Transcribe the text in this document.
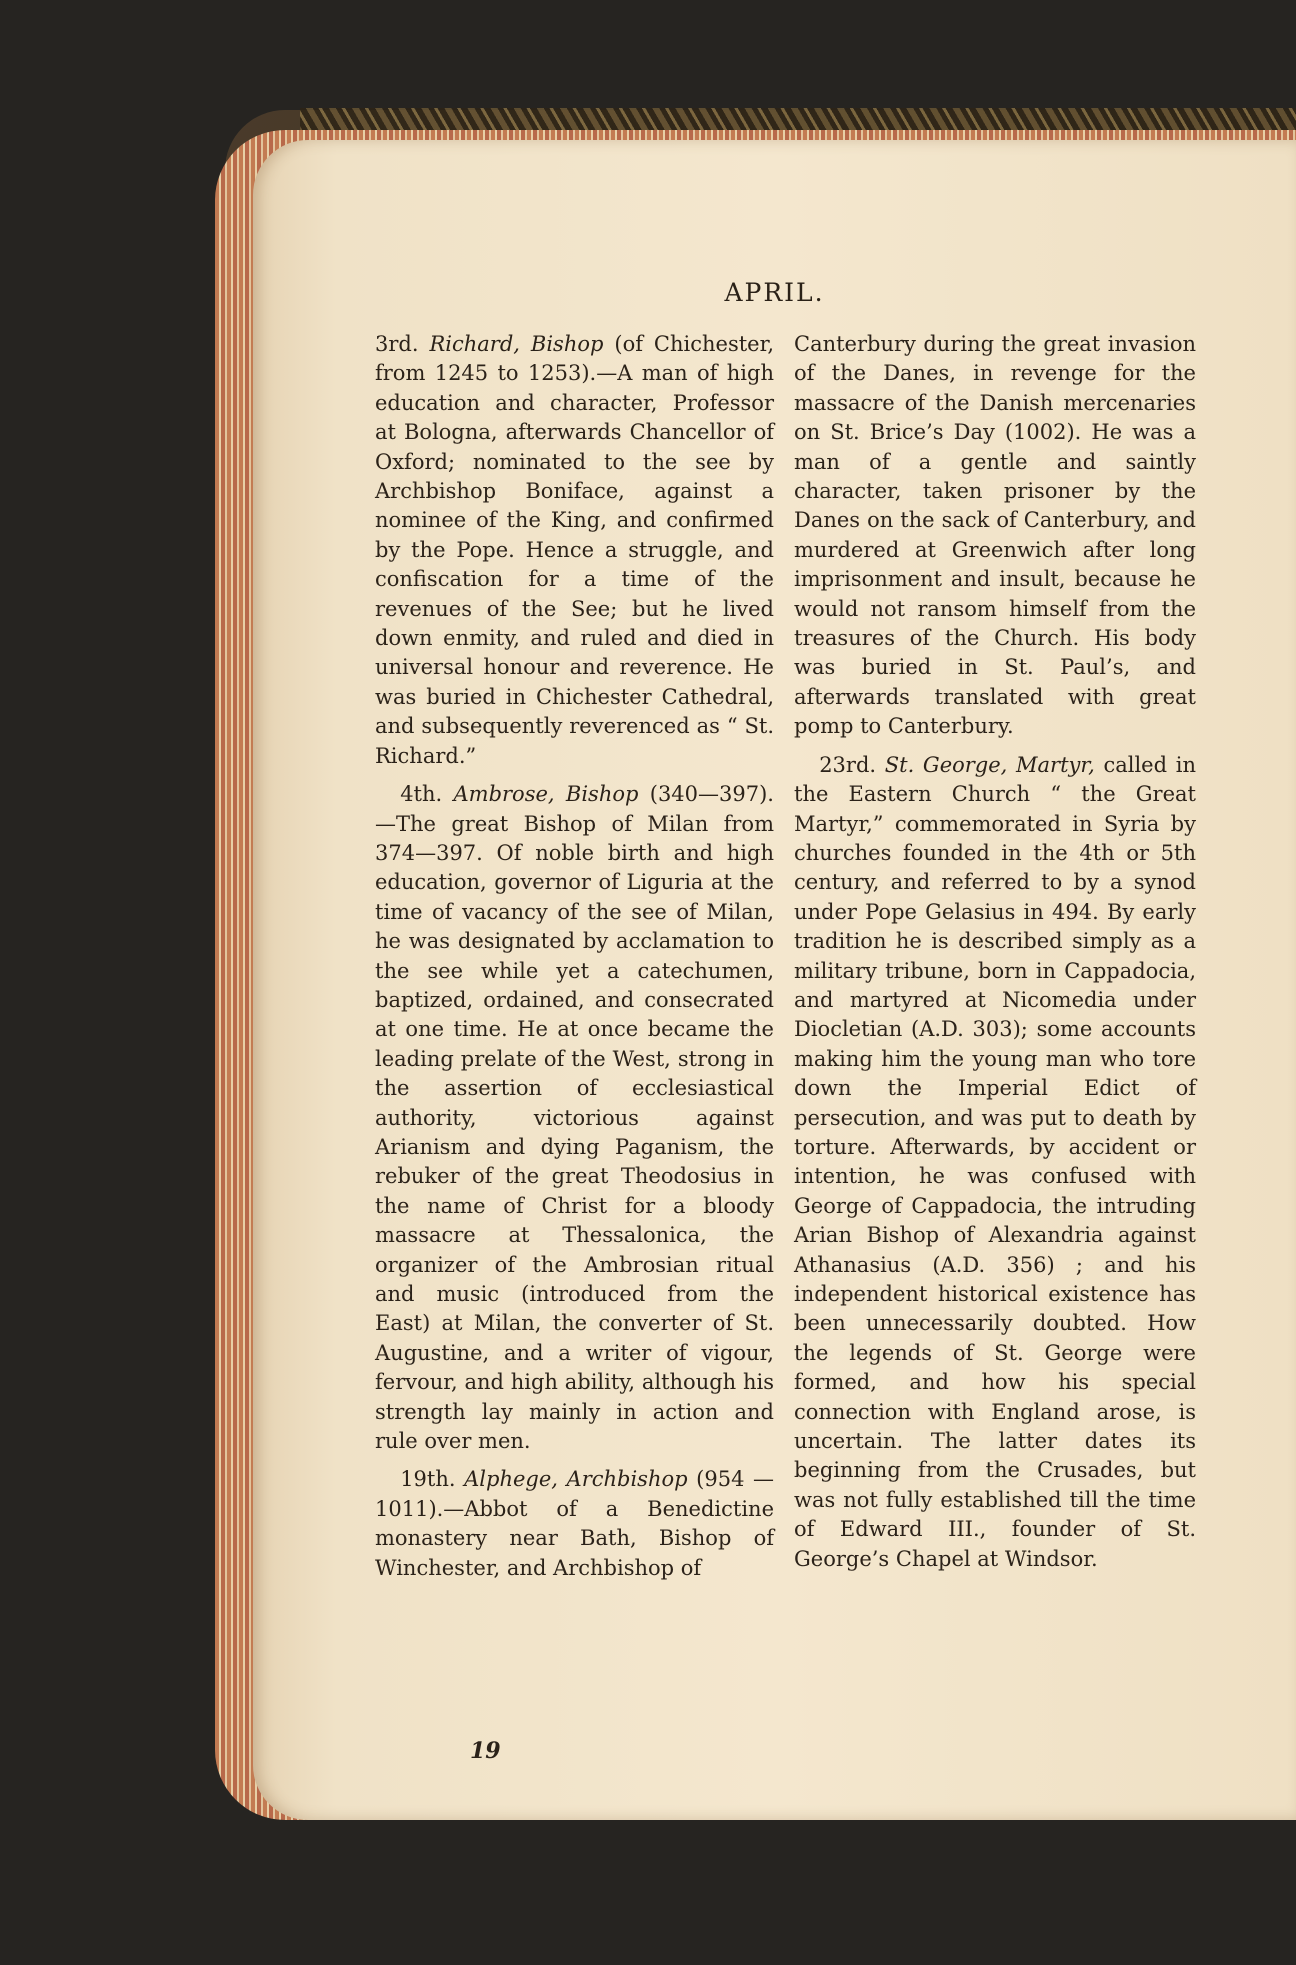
APRIL.

3rd. Richard, Bishop (of Chichester, from 1245 to 1253).—A man of high education and character, Professor at Bologna, afterwards Chancellor of Oxford; nominated to the see by Archbishop Boniface, against a nominee of the King, and confirmed by the Pope. Hence a struggle, and confiscation for a time of the revenues of the See; but he lived down enmity, and ruled and died in universal honour and reverence. He was buried in Chichester Cathedral, and subsequently reverenced as “ St. Richard.”

4th. Ambrose, Bishop (340—397). —The great Bishop of Milan from 374—397. Of noble birth and high education, governor of Liguria at the time of vacancy of the see of Milan, he was designated by acclamation to the see while yet a catechumen, baptized, ordained, and consecrated at one time. He at once became the leading prelate of the West, strong in the assertion of ecclesiastical authority, victorious against Arianism and dying Paganism, the rebuker of the great Theodosius in the name of Christ for a bloody massacre at Thessalonica, the organizer of the Ambrosian ritual and music (introduced from the East) at Milan, the converter of St. Augustine, and a writer of vigour, fervour, and high ability, although his strength lay mainly in action and rule over men.

19th. Alphege, Archbishop (954 —1011).—Abbot of a Benedictine monastery near Bath, Bishop of Winchester, and Archbishop of

Canterbury during the great invasion of the Danes, in revenge for the massacre of the Danish mercenaries on St. Brice’s Day (1002). He was a man of a gentle and saintly character, taken prisoner by the Danes on the sack of Canterbury, and murdered at Greenwich after long imprisonment and insult, because he would not ransom himself from the treasures of the Church. His body was buried in St. Paul’s, and afterwards translated with great pomp to Canterbury.

23rd. St. George, Martyr, called in the Eastern Church “ the Great Martyr,” commemorated in Syria by churches founded in the 4th or 5th century, and referred to by a synod under Pope Gelasius in 494. By early tradition he is described simply as a military tribune, born in Cappadocia, and martyred at Nicomedia under Diocletian (A.D. 303); some accounts making him the young man who tore down the Imperial Edict of persecution, and was put to death by torture. Afterwards, by accident or intention, he was confused with George of Cappadocia, the intruding Arian Bishop of Alexandria against Athanasius (A.D. 356) ; and his independent historical existence has been unnecessarily doubted. How the legends of St. George were formed, and how his special connection with England arose, is uncertain. The latter dates its beginning from the Crusades, but was not fully established till the time of Edward III., founder of St. George’s Chapel at Windsor.

19
